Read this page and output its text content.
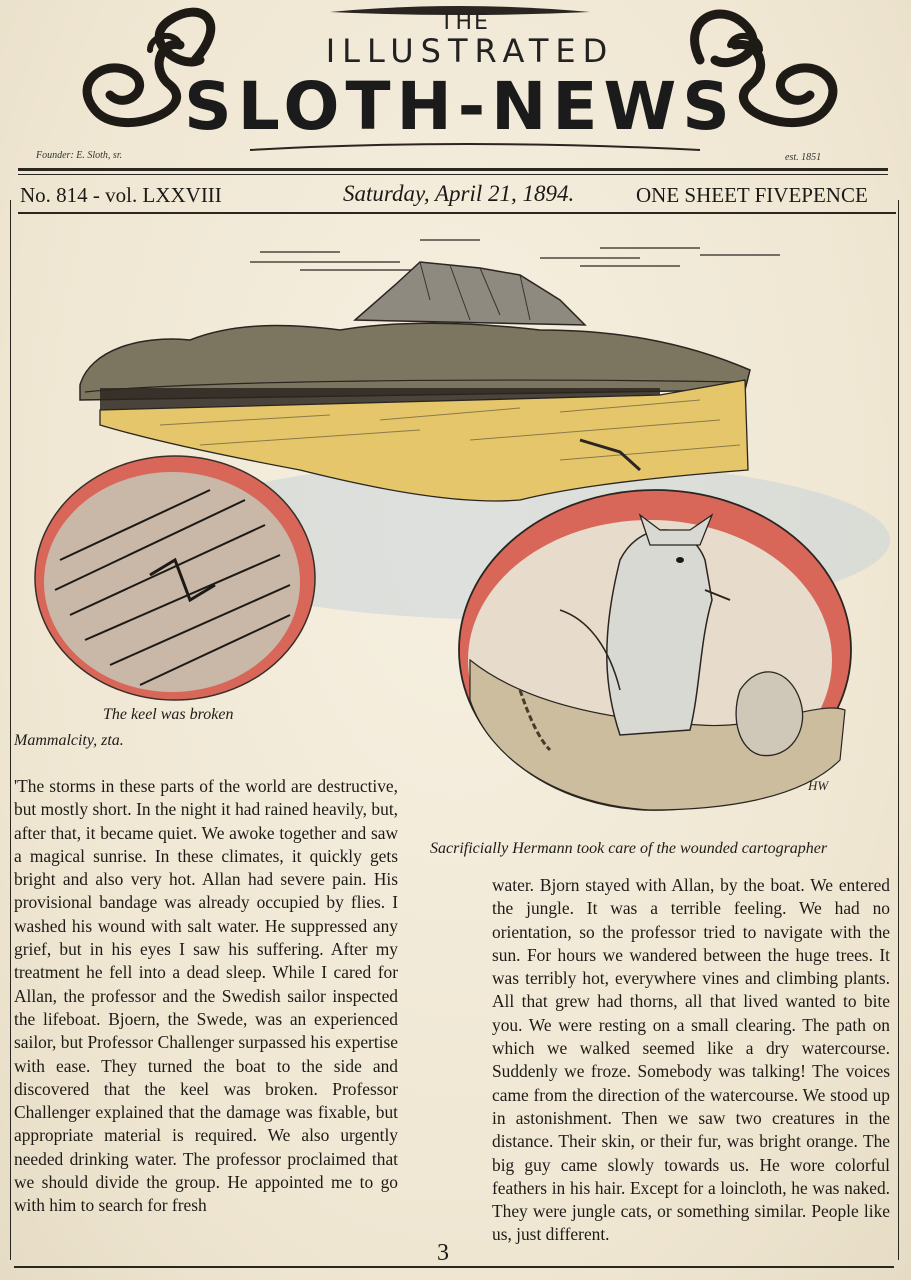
THE
ILLUSTRATED
SLOTH-NEWS
Founder: E. Sloth, sr.	est. 1851
No. 814 - vol. LXXVIII	Saturday, April 21, 1894.	ONE SHEET FIVEPENCE
HW
The keel was broken
Mammalcity, zta.
Sacrificially Hermann took care of the wounded cartographer

'The storms in these parts of the world are destructive, but mostly short. In the night it had rained heavily, but, after that, it became quiet. We awoke together and saw a magical sunrise. In these climates, it quickly gets bright and also very hot. Allan had severe pain. His provisional bandage was already occupied by flies. I washed his wound with salt water. He suppressed any grief, but in his eyes I saw his suffering. After my treatment he fell into a dead sleep. While I cared for Allan, the professor and the Swedish sailor inspected the lifeboat. Bjoern, the Swede, was an experienced sailor, but Professor Challenger surpassed his expertise with ease. They turned the boat to the side and discovered that the keel was broken. Professor Challenger explained that the damage was fixable, but appropriate material is required. We also urgently needed drinking water. The professor proclaimed that we should divide the group. He appointed me to go with him to search for fresh

water. Bjorn stayed with Allan, by the boat. We entered the jungle. It was a terrible feeling. We had no orientation, so the professor tried to navigate with the sun. For hours we wandered between the huge trees. It was terribly hot, everywhere vines and climbing plants. All that grew had thorns, all that lived wanted to bite you. We were resting on a small clearing. The path on which we walked seemed like a dry watercourse. Suddenly we froze. Somebody was talking! The voices came from the direction of the watercourse. We stood up in astonishment. Then we saw two creatures in the distance. Their skin, or their fur, was bright orange. The big guy came slowly towards us. He wore colorful feathers in his hair. Except for a loincloth, he was naked. They were jungle cats, or something similar. People like us, just different.

3
